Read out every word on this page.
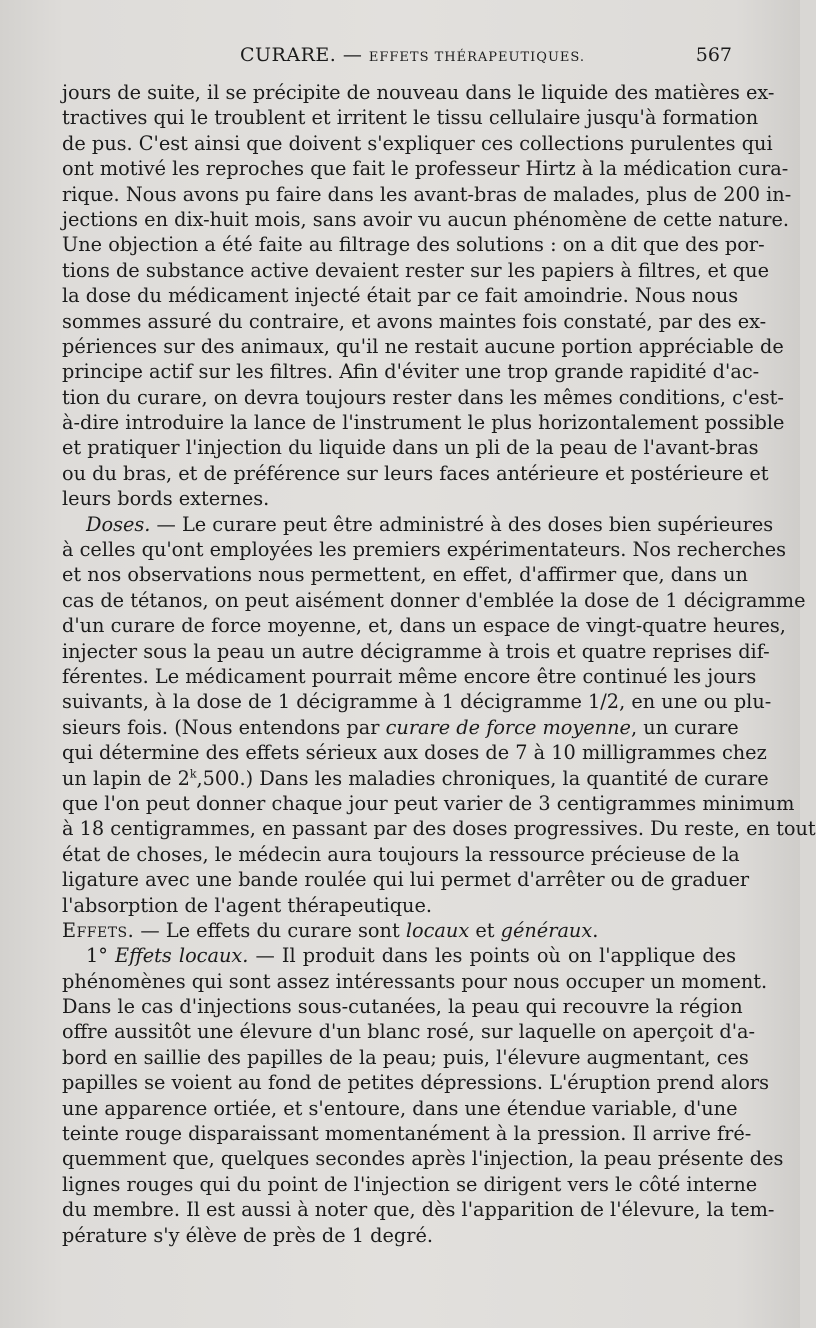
CURARE. — EFFETS THÉRAPEUTIQUES.	567
jours de suite, il se précipite de nouveau dans le liquide des matières ex-
tractives qui le troublent et irritent le tissu cellulaire jusqu'à formation
de pus. C'est ainsi que doivent s'expliquer ces collections purulentes qui
ont motivé les reproches que fait le professeur Hirtz à la médication cura-
rique. Nous avons pu faire dans les avant-bras de malades, plus de 200 in-
jections en dix-huit mois, sans avoir vu aucun phénomène de cette nature.
Une objection a été faite au filtrage des solutions : on a dit que des por-
tions de substance active devaient rester sur les papiers à filtres, et que
la dose du médicament injecté était par ce fait amoindrie. Nous nous
sommes assuré du contraire, et avons maintes fois constaté, par des ex-
périences sur des animaux, qu'il ne restait aucune portion appréciable de
principe actif sur les filtres. Afin d'éviter une trop grande rapidité d'ac-
tion du curare, on devra toujours rester dans les mêmes conditions, c'est-
à-dire introduire la lance de l'instrument le plus horizontalement possible
et pratiquer l'injection du liquide dans un pli de la peau de l'avant-bras
ou du bras, et de préférence sur leurs faces antérieure et postérieure et
leurs bords externes.
Doses. — Le curare peut être administré à des doses bien supérieures
à celles qu'ont employées les premiers expérimentateurs. Nos recherches
et nos observations nous permettent, en effet, d'affirmer que, dans un
cas de tétanos, on peut aisément donner d'emblée la dose de 1 décigramme
d'un curare de force moyenne, et, dans un espace de vingt-quatre heures,
injecter sous la peau un autre décigramme à trois et quatre reprises dif-
férentes. Le médicament pourrait même encore être continué les jours
suivants, à la dose de 1 décigramme à 1 décigramme 1/2, en une ou plu-
sieurs fois. (Nous entendons par curare de force moyenne, un curare
qui détermine des effets sérieux aux doses de 7 à 10 milligrammes chez
un lapin de 2$^k$,500.) Dans les maladies chroniques, la quantité de curare
que l'on peut donner chaque jour peut varier de 3 centigrammes minimum
à 18 centigrammes, en passant par des doses progressives. Du reste, en tout
état de choses, le médecin aura toujours la ressource précieuse de la
ligature avec une bande roulée qui lui permet d'arrêter ou de graduer
l'absorption de l'agent thérapeutique.
Effets. — Le effets du curare sont locaux et généraux.
1° Effets locaux. — Il produit dans les points où on l'applique des
phénomènes qui sont assez intéressants pour nous occuper un moment.
Dans le cas d'injections sous-cutanées, la peau qui recouvre la région
offre aussitôt une élevure d'un blanc rosé, sur laquelle on aperçoit d'a-
bord en saillie des papilles de la peau; puis, l'élevure augmentant, ces
papilles se voient au fond de petites dépressions. L'éruption prend alors
une apparence ortiée, et s'entoure, dans une étendue variable, d'une
teinte rouge disparaissant momentanément à la pression. Il arrive fré-
quemment que, quelques secondes après l'injection, la peau présente des
lignes rouges qui du point de l'injection se dirigent vers le côté interne
du membre. Il est aussi à noter que, dès l'apparition de l'élevure, la tem-
pérature s'y élève de près de 1 degré.
